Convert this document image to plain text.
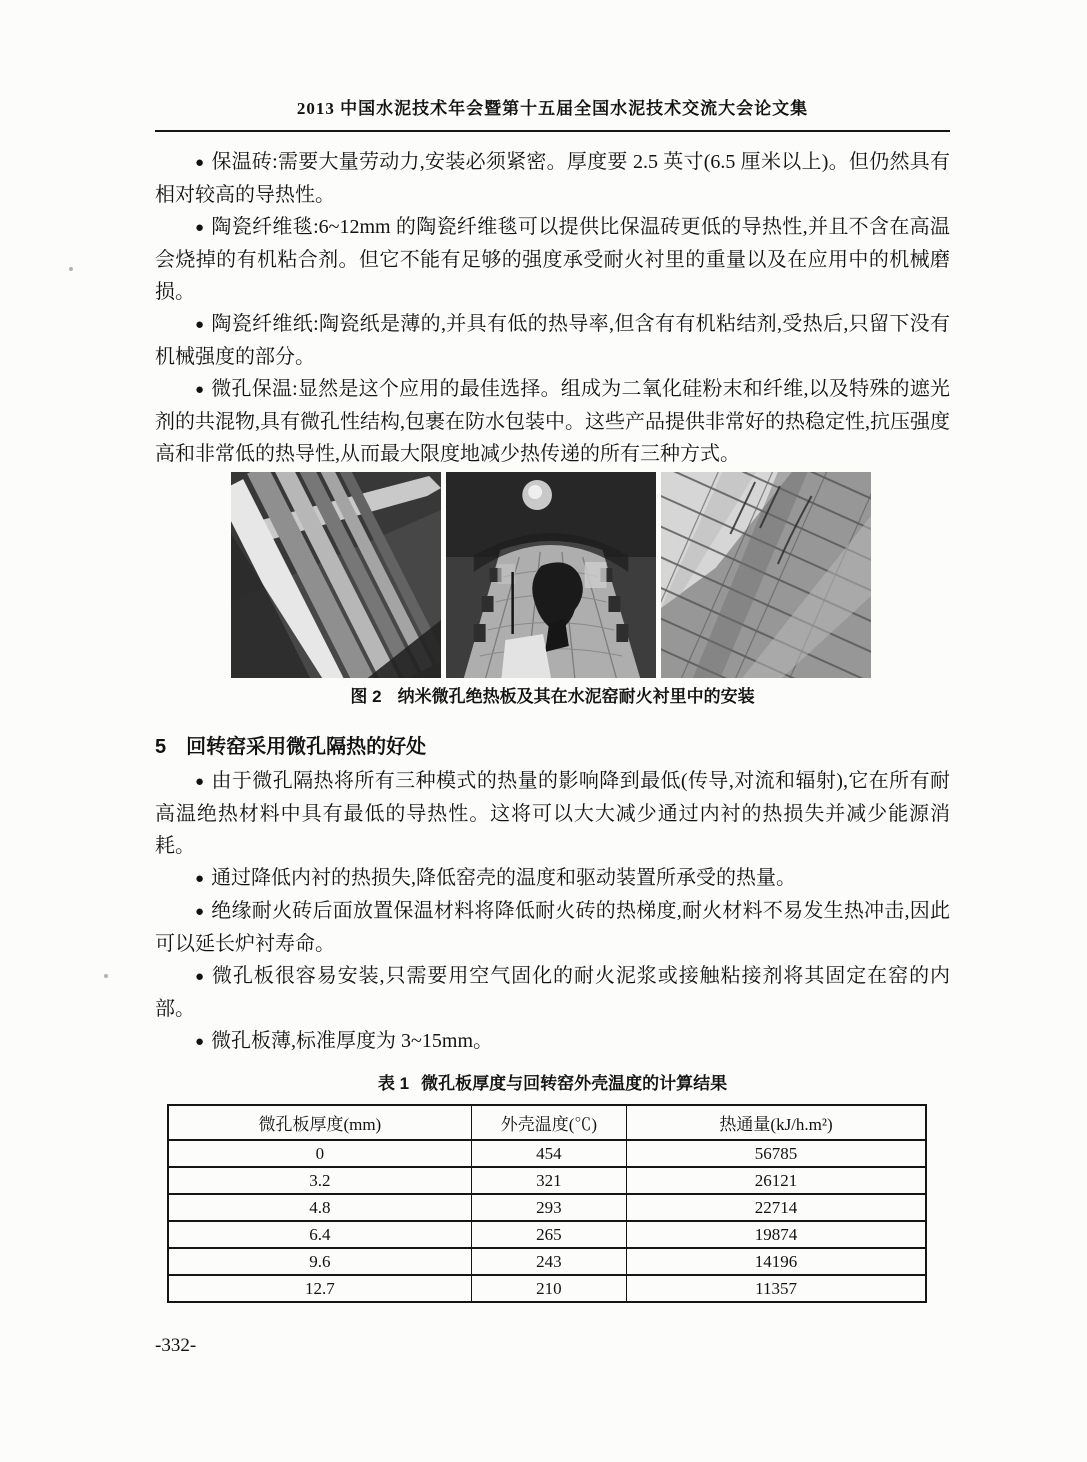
2013 中国水泥技术年会暨第十五届全国水泥技术交流大会论文集

● 保温砖:需要大量劳动力,安装必须紧密。厚度要 2.5 英寸(6.5 厘米以上)。但仍然具有相对较高的导热性。

● 陶瓷纤维毯:6~12mm 的陶瓷纤维毯可以提供比保温砖更低的导热性,并且不含在高温会烧掉的有机粘合剂。但它不能有足够的强度承受耐火衬里的重量以及在应用中的机械磨损。

● 陶瓷纤维纸:陶瓷纸是薄的,并具有低的热导率,但含有有机粘结剂,受热后,只留下没有机械强度的部分。

● 微孔保温:显然是这个应用的最佳选择。组成为二氧化硅粉末和纤维,以及特殊的遮光剂的共混物,具有微孔性结构,包裹在防水包装中。这些产品提供非常好的热稳定性,抗压强度高和非常低的热导性,从而最大限度地减少热传递的所有三种方式。

图 2 纳米微孔绝热板及其在水泥窑耐火衬里中的安装
5 回转窑采用微孔隔热的好处

● 由于微孔隔热将所有三种模式的热量的影响降到最低(传导,对流和辐射),它在所有耐高温绝热材料中具有最低的导热性。这将可以大大减少通过内衬的热损失并减少能源消耗。

● 通过降低内衬的热损失,降低窑壳的温度和驱动装置所承受的热量。

● 绝缘耐火砖后面放置保温材料将降低耐火砖的热梯度,耐火材料不易发生热冲击,因此可以延长炉衬寿命。

● 微孔板很容易安装,只需要用空气固化的耐火泥浆或接触粘接剂将其固定在窑的内部。

● 微孔板薄,标准厚度为 3~15mm。

表 1 微孔板厚度与回转窑外壳温度的计算结果
微孔板厚度(mm)	外壳温度(℃)	热通量(kJ/h.m²)
0	454	56785
3.2	321	26121
4.8	293	22714
6.4	265	19874
9.6	243	14196
12.7	210	11357
-332-
